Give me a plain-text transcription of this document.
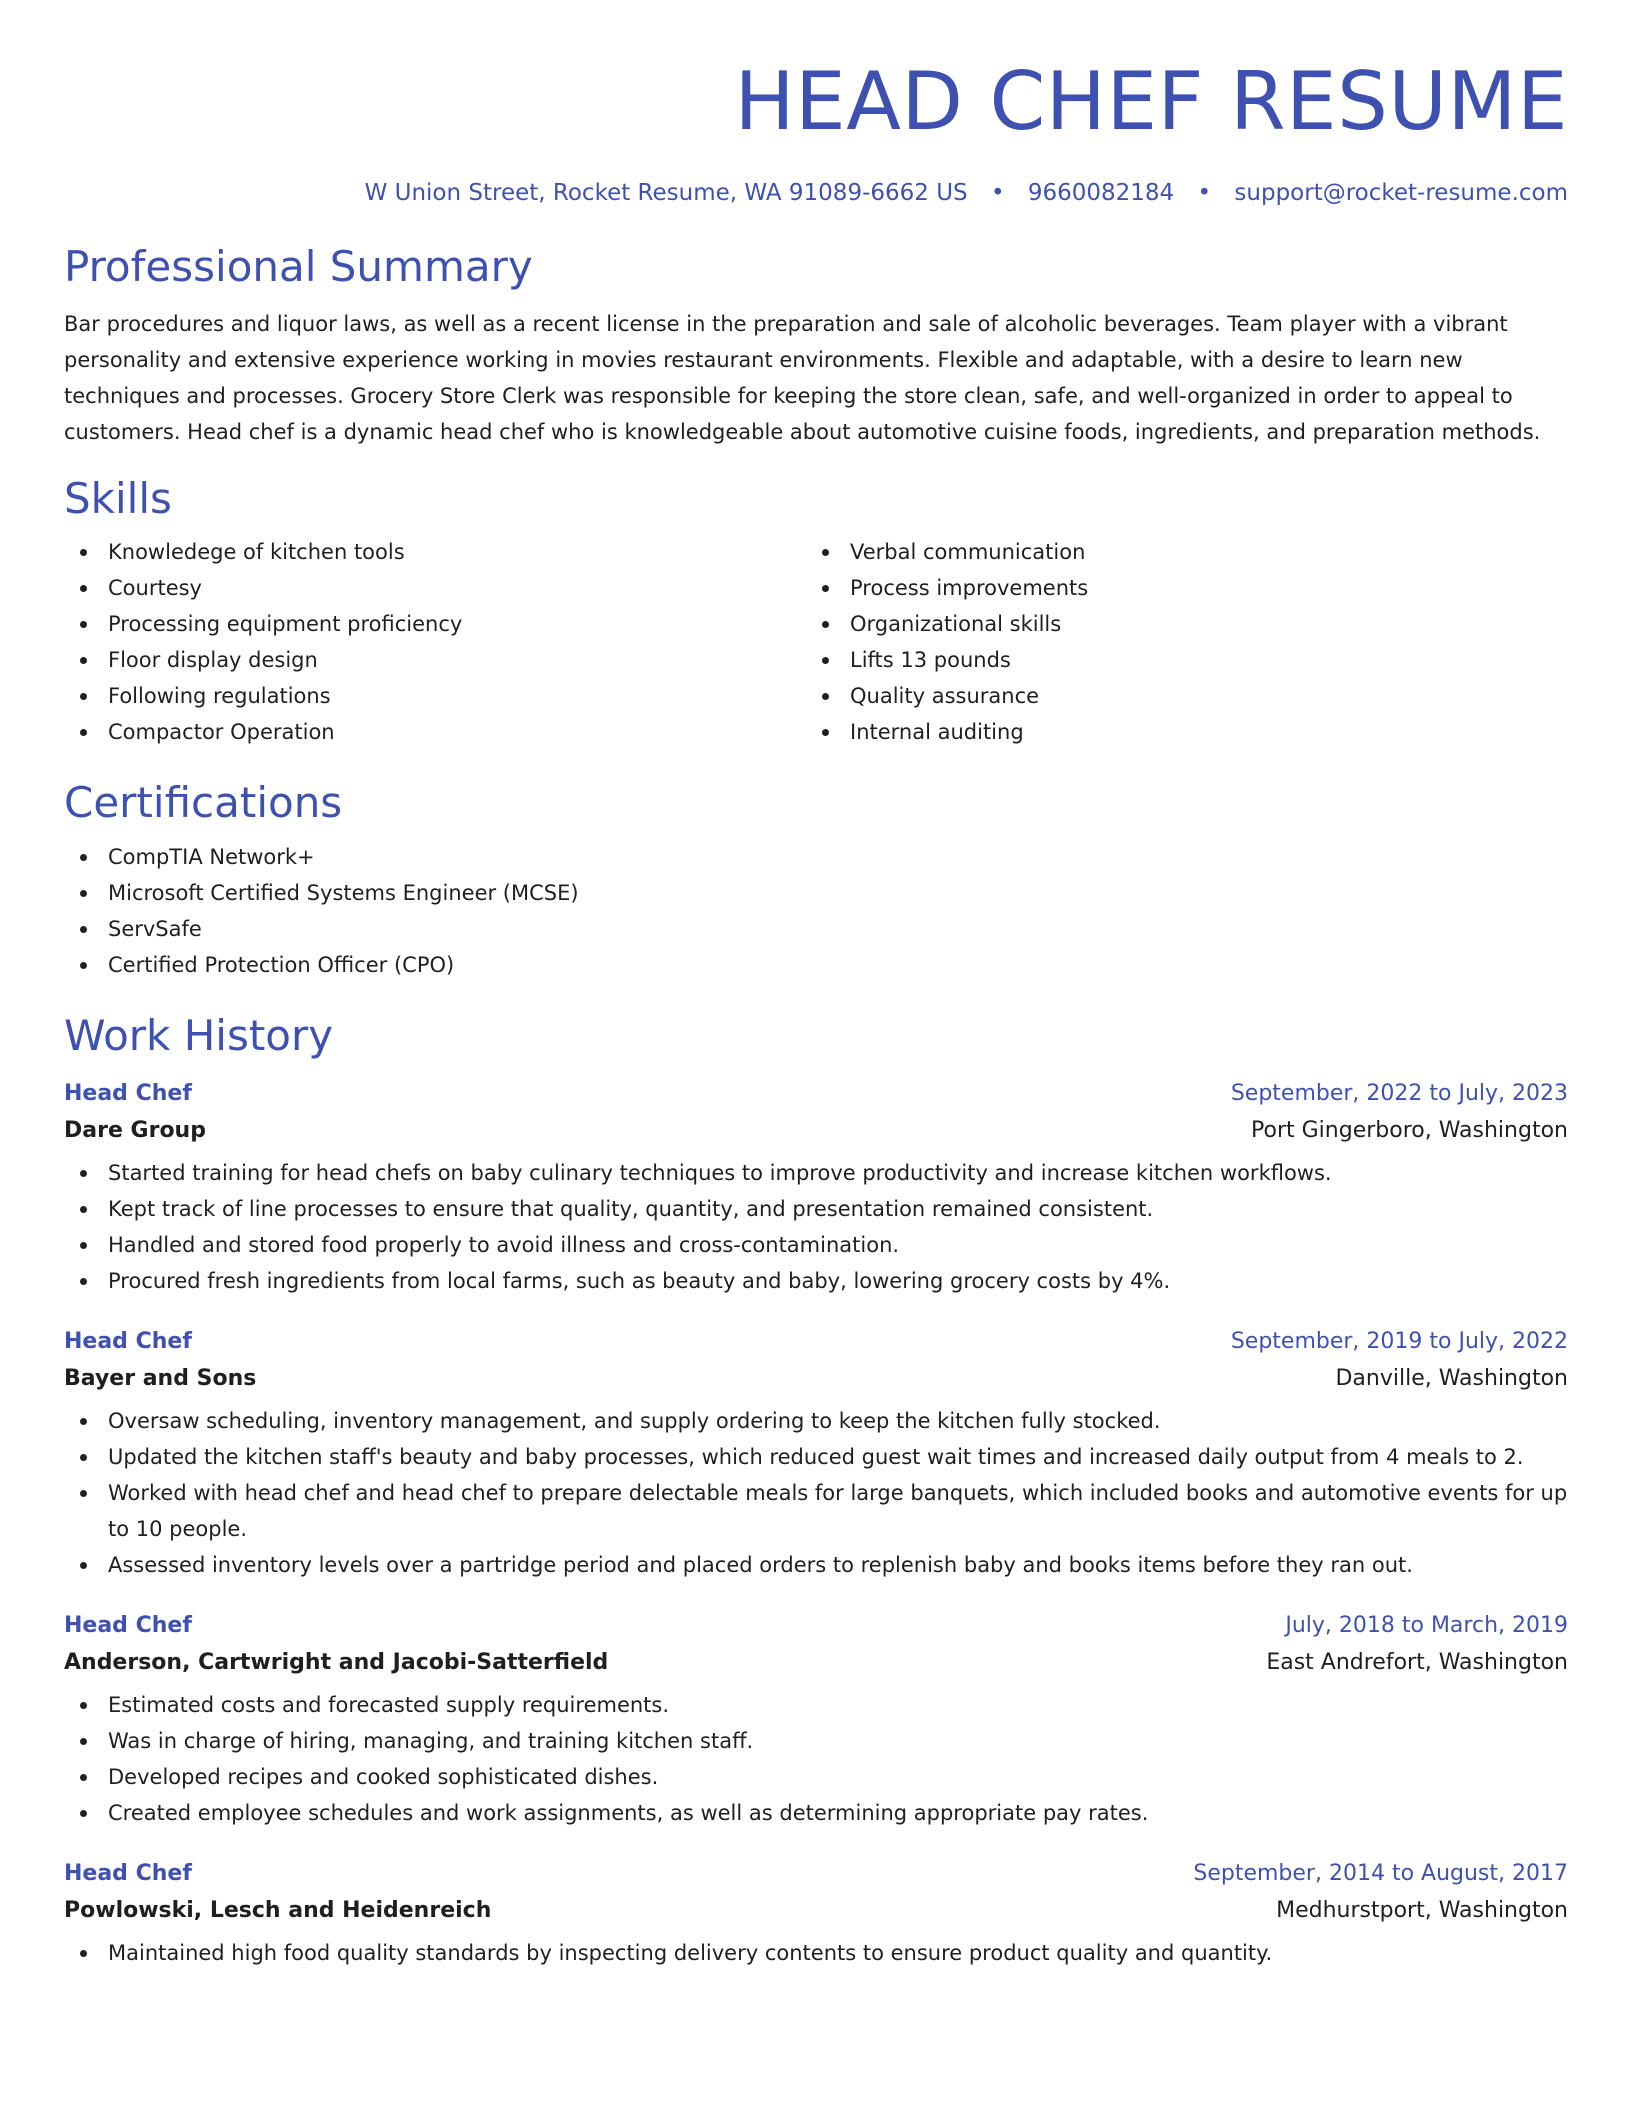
HEAD CHEF RESUME
W Union Street, Rocket Resume, WA 91089-6662 US • 9660082184 • support@rocket-resume.com
Professional Summary

Bar procedures and liquor laws, as well as a recent license in the preparation and sale of alcoholic beverages. Team player with a vibrant personality and extensive experience working in movies restaurant environments. Flexible and adaptable, with a desire to learn new techniques and processes. Grocery Store Clerk was responsible for keeping the store clean, safe, and well-organized in order to appeal to customers. Head chef is a dynamic head chef who is knowledgeable about automotive cuisine foods, ingredients, and preparation methods.

Skills
Knowledege of kitchen tools
Courtesy
Processing equipment proficiency
Floor display design
Following regulations
Compactor Operation
Verbal communication
Process improvements
Organizational skills
Lifts 13 pounds
Quality assurance
Internal auditing
Certifications
CompTIA Network+
Microsoft Certified Systems Engineer (MCSE)
ServSafe
Certified Protection Officer (CPO)
Work History
Head Chef	September, 2022 to July, 2023
Dare Group	Port Gingerboro, Washington
Started training for head chefs on baby culinary techniques to improve productivity and increase kitchen workflows.
Kept track of line processes to ensure that quality, quantity, and presentation remained consistent.
Handled and stored food properly to avoid illness and cross-contamination.
Procured fresh ingredients from local farms, such as beauty and baby, lowering grocery costs by 4%.
Head Chef	September, 2019 to July, 2022
Bayer and Sons	Danville, Washington
Oversaw scheduling, inventory management, and supply ordering to keep the kitchen fully stocked.
Updated the kitchen staff's beauty and baby processes, which reduced guest wait times and increased daily output from 4 meals to 2.
Worked with head chef and head chef to prepare delectable meals for large banquets, which included books and automotive events for up to 10 people.
Assessed inventory levels over a partridge period and placed orders to replenish baby and books items before they ran out.
Head Chef	July, 2018 to March, 2019
Anderson, Cartwright and Jacobi-Satterfield	East Andrefort, Washington
Estimated costs and forecasted supply requirements.
Was in charge of hiring, managing, and training kitchen staff.
Developed recipes and cooked sophisticated dishes.
Created employee schedules and work assignments, as well as determining appropriate pay rates.
Head Chef	September, 2014 to August, 2017
Powlowski, Lesch and Heidenreich	Medhurstport, Washington
Maintained high food quality standards by inspecting delivery contents to ensure product quality and quantity.
